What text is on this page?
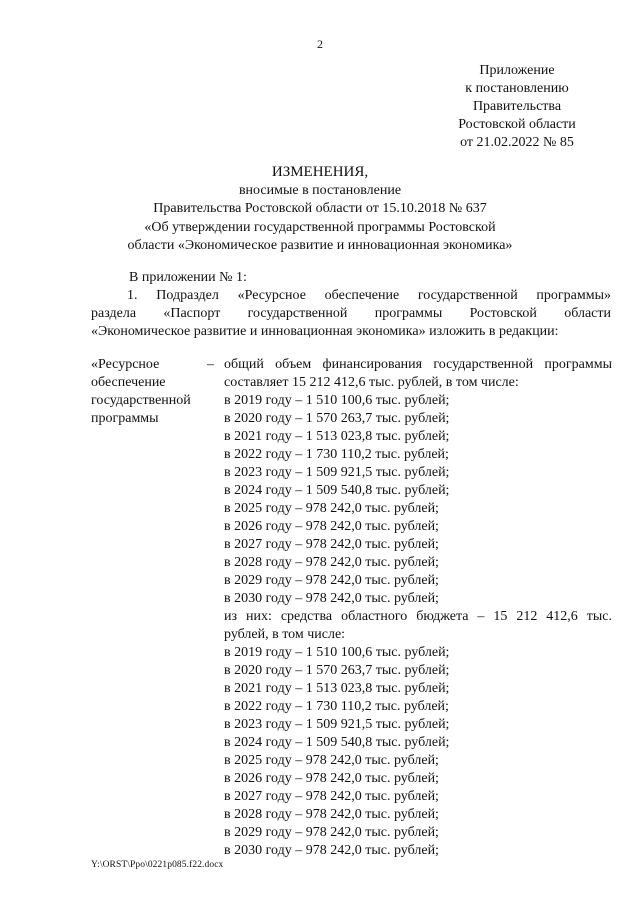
2
Приложение
к постановлению
Правительства
Ростовской области
от 21.02.2022 № 85
ИЗМЕНЕНИЯ,
вносимые в постановление
Правительства Ростовской области от 15.10.2018 № 637
«Об утверждении государственной программы Ростовской
области «Экономическое развитие и инновационная экономика»
В приложении № 1:
1. Подраздел «Ресурсное обеспечение государственной программы»
раздела «Паспорт государственной программы Ростовской области
«Экономическое развитие и инновационная экономика» изложить в редакции:
«Ресурсное
обеспечение
государственной
программы
– общий объем финансирования государственной программы
составляет 15 212 412,6 тыс. рублей, в том числе:
в 2019 году – 1 510 100,6 тыс. рублей;
в 2020 году – 1 570 263,7 тыс. рублей;
в 2021 году – 1 513 023,8 тыс. рублей;
в 2022 году – 1 730 110,2 тыс. рублей;
в 2023 году – 1 509 921,5 тыс. рублей;
в 2024 году – 1 509 540,8 тыс. рублей;
в 2025 году – 978 242,0 тыс. рублей;
в 2026 году – 978 242,0 тыс. рублей;
в 2027 году – 978 242,0 тыс. рублей;
в 2028 году – 978 242,0 тыс. рублей;
в 2029 году – 978 242,0 тыс. рублей;
в 2030 году – 978 242,0 тыс. рублей;
из них: средства областного бюджета – 15 212 412,6 тыс.
рублей, в том числе:
в 2019 году – 1 510 100,6 тыс. рублей;
в 2020 году – 1 570 263,7 тыс. рублей;
в 2021 году – 1 513 023,8 тыс. рублей;
в 2022 году – 1 730 110,2 тыс. рублей;
в 2023 году – 1 509 921,5 тыс. рублей;
в 2024 году – 1 509 540,8 тыс. рублей;
в 2025 году – 978 242,0 тыс. рублей;
в 2026 году – 978 242,0 тыс. рублей;
в 2027 году – 978 242,0 тыс. рублей;
в 2028 году – 978 242,0 тыс. рублей;
в 2029 году – 978 242,0 тыс. рублей;
в 2030 году – 978 242,0 тыс. рублей;
Y:\ORST\Ppo\0221p085.f22.docx
